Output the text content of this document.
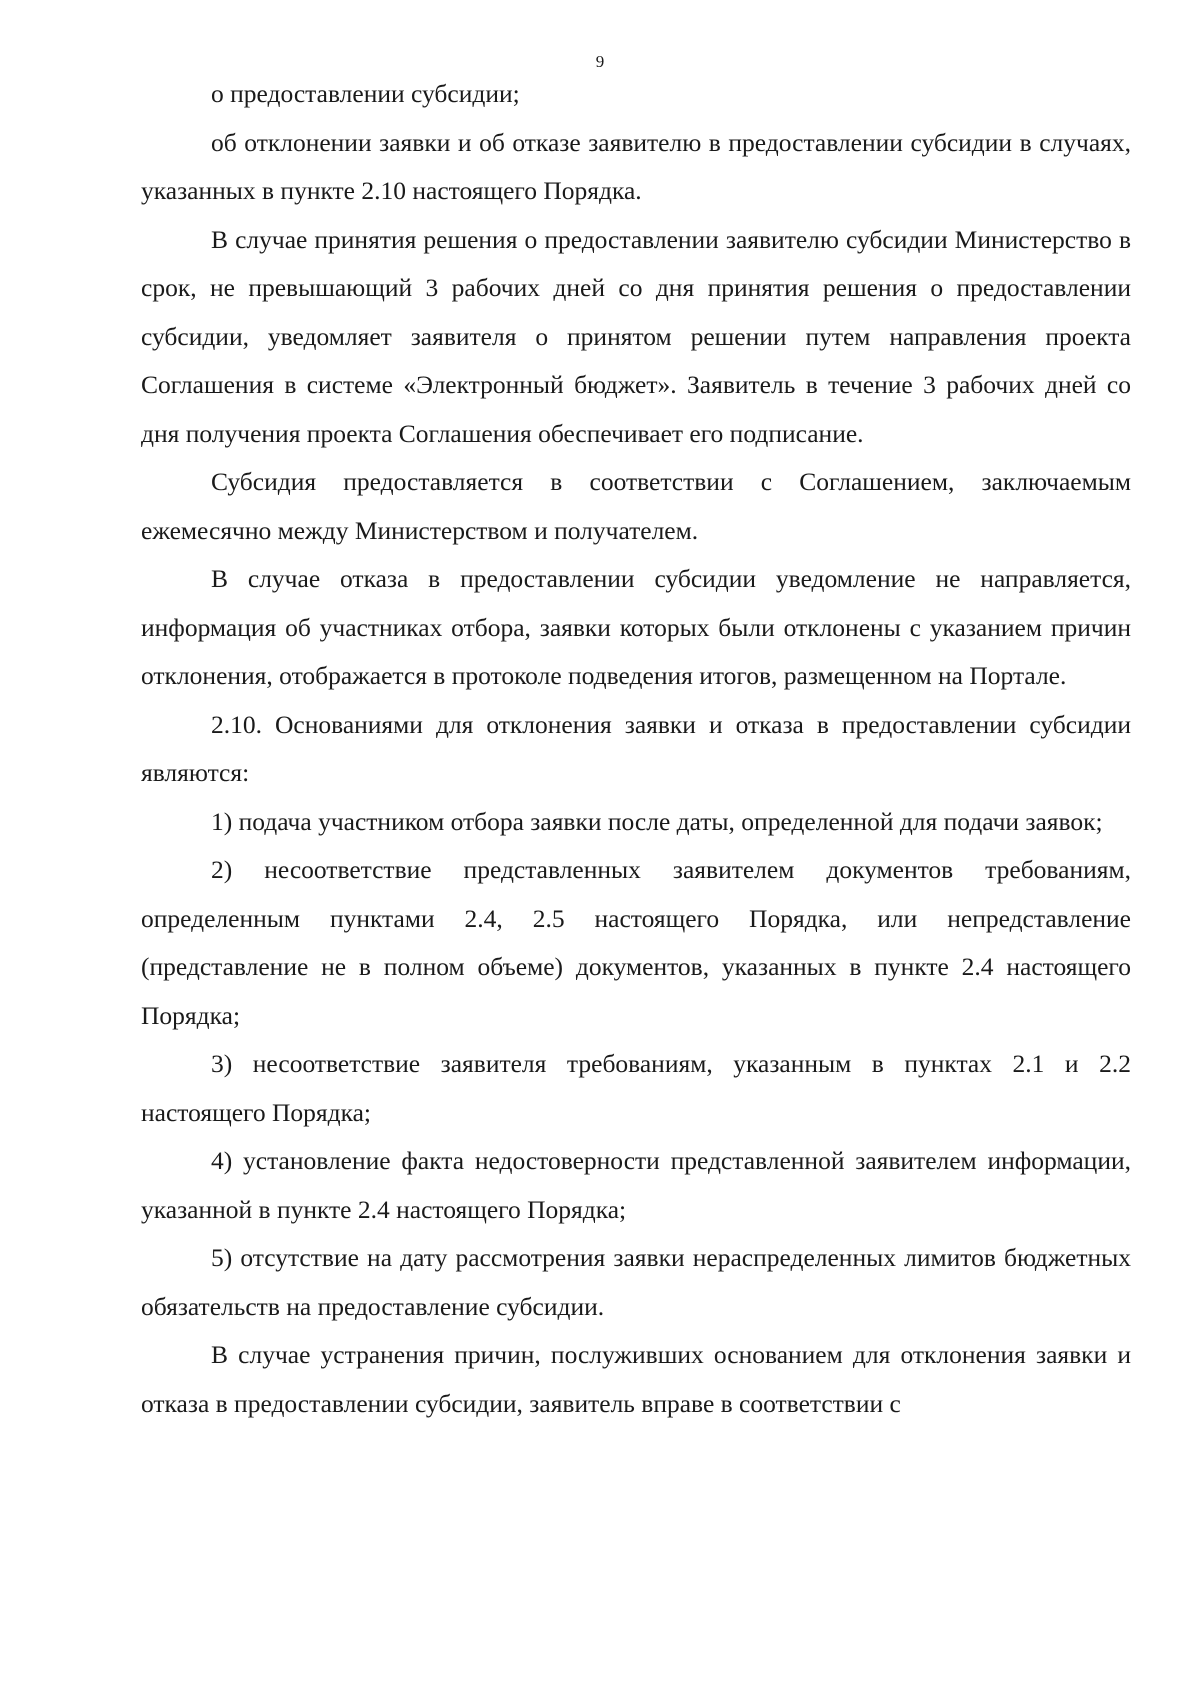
9

о предоставлении субсидии;

об отклонении заявки и об отказе заявителю в предоставлении субсидии в случаях, указанных в пункте 2.10 настоящего Порядка.

В случае принятия решения о предоставлении заявителю субсидии Министерство в срок, не превышающий 3 рабочих дней со дня принятия решения о предоставлении субсидии, уведомляет заявителя о принятом решении путем направления проекта Соглашения в системе «Электронный бюджет». Заявитель в течение 3 рабочих дней со дня получения проекта Соглашения обеспечивает его подписание.

Субсидия предоставляется в соответствии с Соглашением, заключаемым ежемесячно между Министерством и получателем.

В случае отказа в предоставлении субсидии уведомление не направляется, информация об участниках отбора, заявки которых были отклонены с указанием причин отклонения, отображается в протоколе подведения итогов, размещенном на Портале.

2.10. Основаниями для отклонения заявки и отказа в предоставлении субсидии являются:

1) подача участником отбора заявки после даты, определенной для подачи заявок;

2) несоответствие представленных заявителем документов требованиям, определенным пунктами 2.4, 2.5 настоящего Порядка, или непредставление (представление не в полном объеме) документов, указанных в пункте 2.4 настоящего Порядка;

3) несоответствие заявителя требованиям, указанным в пунктах 2.1 и 2.2 настоящего Порядка;

4) установление факта недостоверности представленной заявителем информации, указанной в пункте 2.4 настоящего Порядка;

5) отсутствие на дату рассмотрения заявки нераспределенных лимитов бюджетных обязательств на предоставление субсидии.

В случае устранения причин, послуживших основанием для отклонения заявки и отказа в предоставлении субсидии, заявитель вправе в соответствии с
